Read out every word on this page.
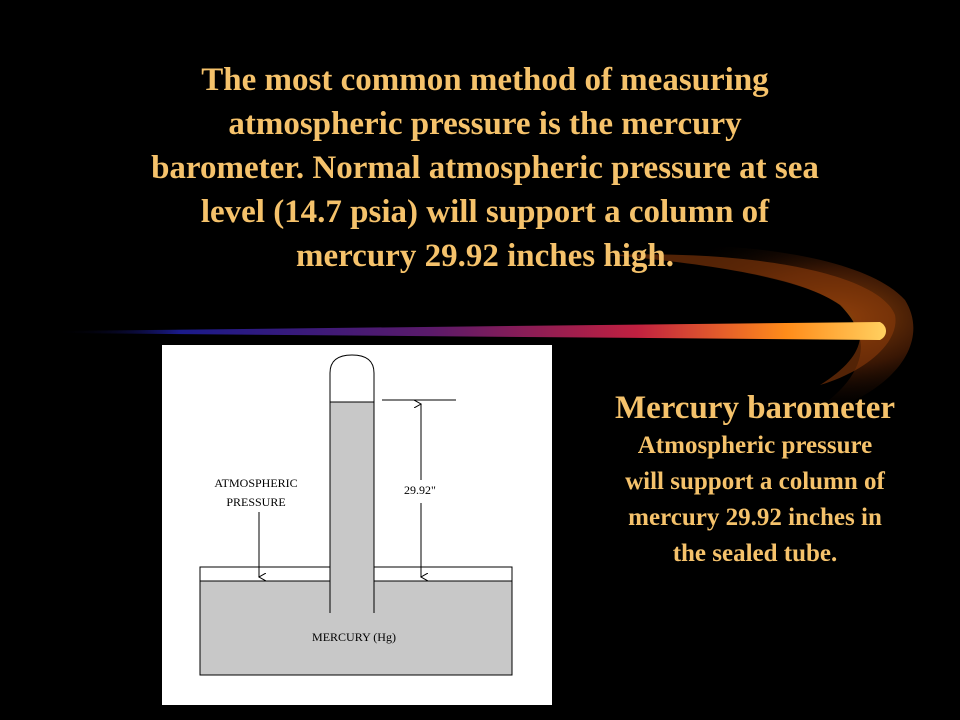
The most common method of measuring
atmospheric pressure is the mercury
barometer. Normal atmospheric pressure at sea
level (14.7 psia) will support a column of
mercury 29.92 inches high.
29.92"
ATMOSPHERIC
PRESSURE
MERCURY (Hg)
Mercury barometer
Atmospheric pressure
will support a column of
mercury 29.92 inches in
the sealed tube.
